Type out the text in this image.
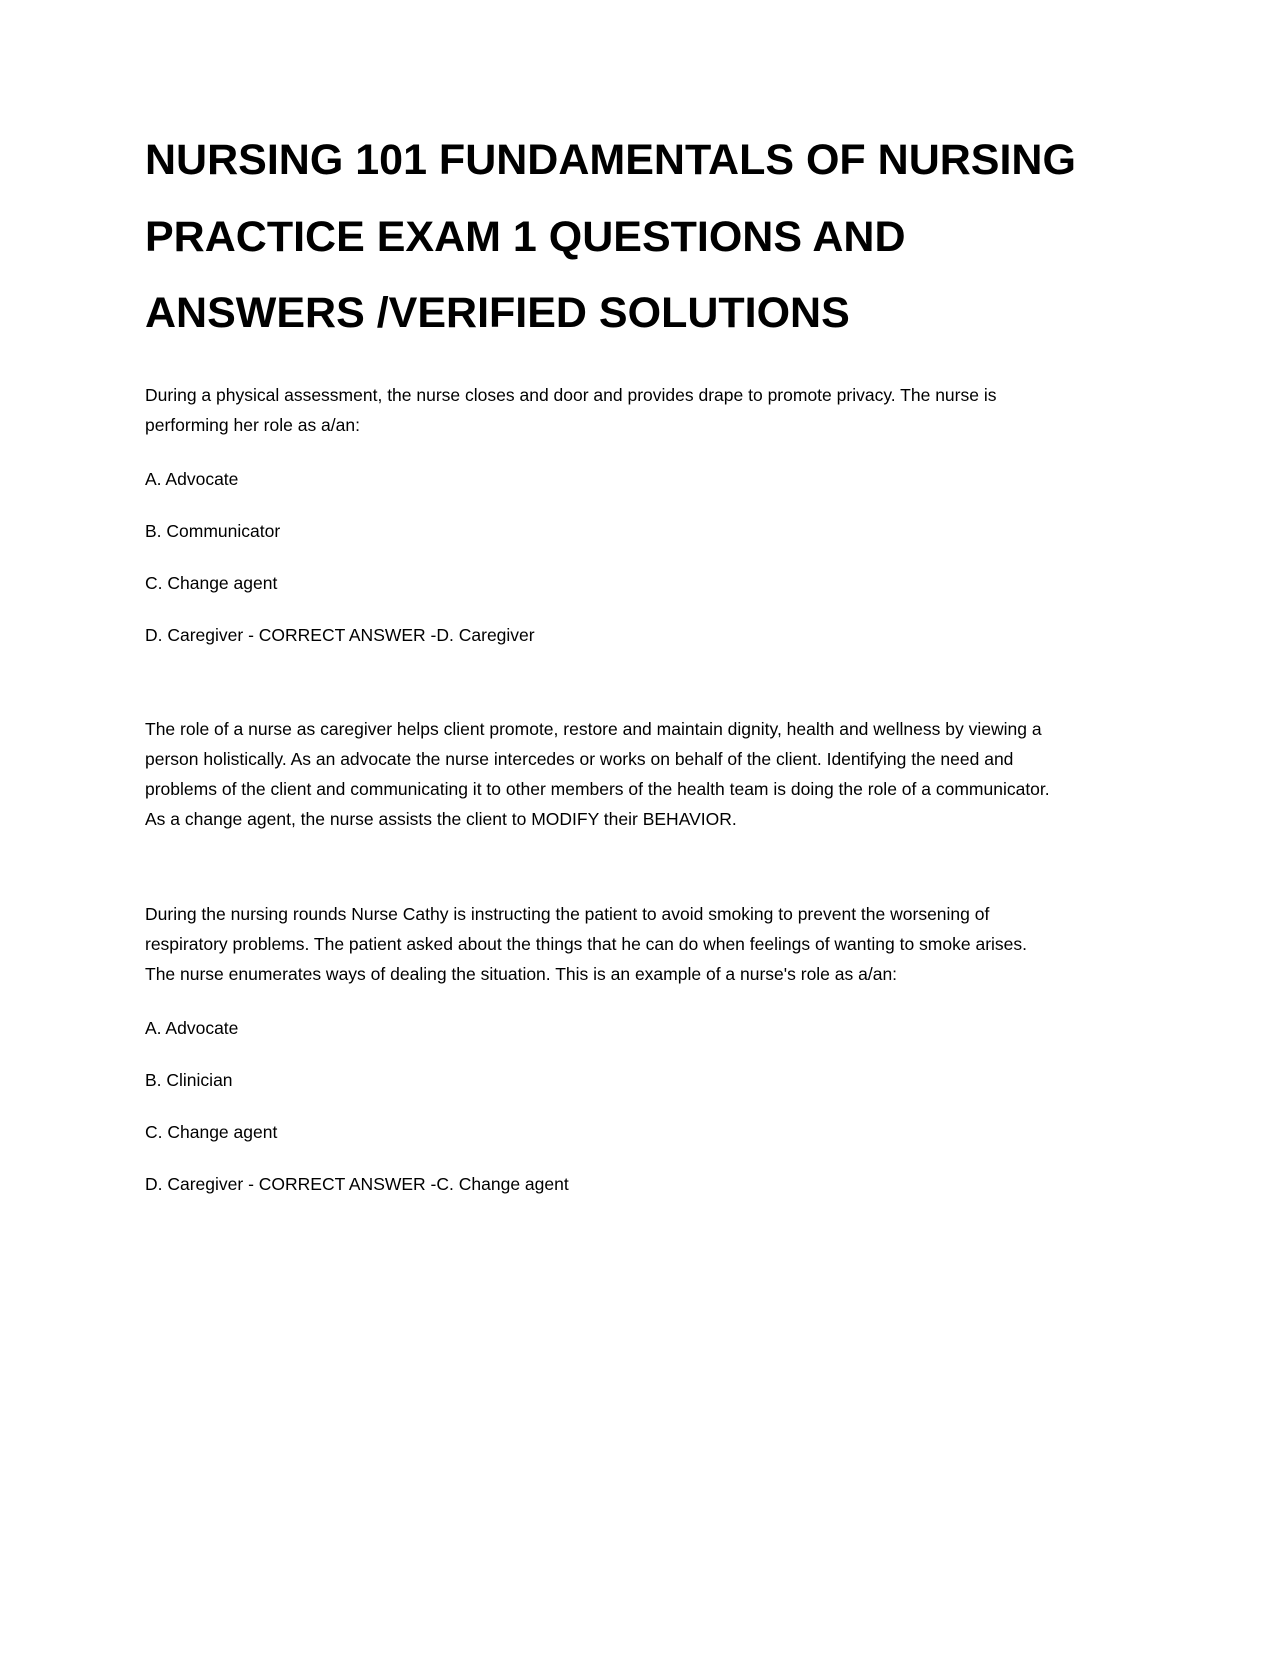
NURSING 101 FUNDAMENTALS OF NURSING PRACTICE EXAM 1 QUESTIONS AND ANSWERS /VERIFIED SOLUTIONS

During a physical assessment, the nurse closes and door and provides drape to promote privacy. The nurse is performing her role as a/an:

A. Advocate

B. Communicator

C. Change agent

D. Caregiver - CORRECT ANSWER -D. Caregiver

The role of a nurse as caregiver helps client promote, restore and maintain dignity, health and wellness by viewing a person holistically. As an advocate the nurse intercedes or works on behalf of the client. Identifying the need and problems of the client and communicating it to other members of the health team is doing the role of a communicator. As a change agent, the nurse assists the client to MODIFY their BEHAVIOR.

During the nursing rounds Nurse Cathy is instructing the patient to avoid smoking to prevent the worsening of respiratory problems. The patient asked about the things that he can do when feelings of wanting to smoke arises. The nurse enumerates ways of dealing the situation. This is an example of a nurse's role as a/an:

A. Advocate

B. Clinician

C. Change agent

D. Caregiver - CORRECT ANSWER -C. Change agent
